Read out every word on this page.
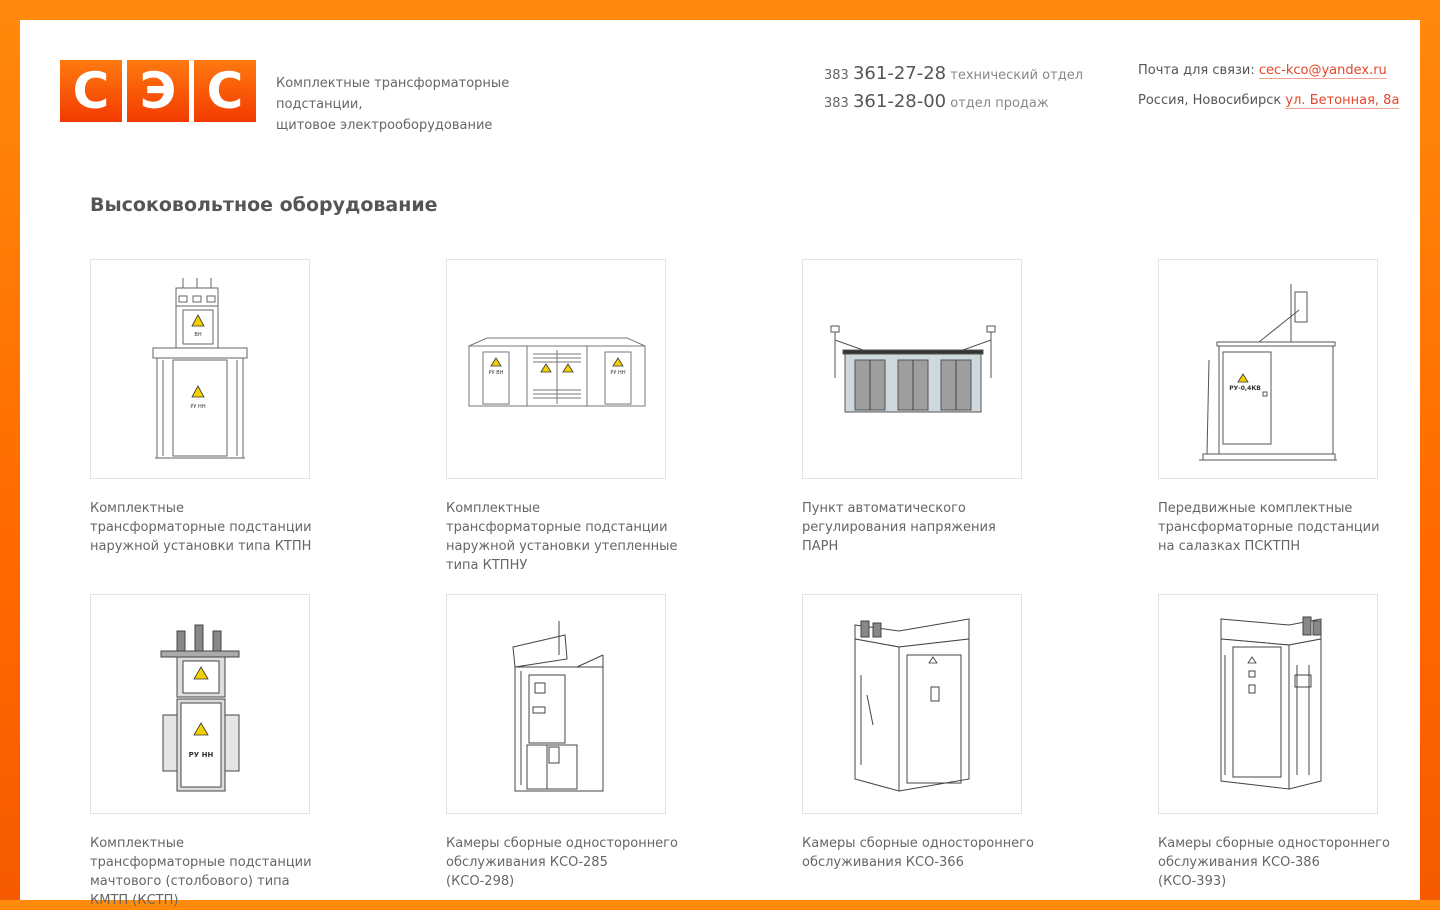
С Э С	Комплектные трансформаторные подстанции,
щитовое электрооборудование
383 361-27-28 технический отдел
383 361-28-00 отдел продаж
Почта для связи: cec-kco@yandex.ru
Россия, Новосибирск ул. Бетонная, 8а
Высоковольтное оборудование
ВН
РУ НН
Комплектные трансформаторные подстанции наружной установки типа КТПН
РУ ВН	РУ НН
Комплектные трансформаторные подстанции наружной установки утепленные типа КТПНУ
Пункт автоматического регулирования напряжения ПАРН
РУ-0,4КВ
Передвижные комплектные трансформаторные подстанции на салазках ПСКТПН
РУ НН
Комплектные трансформаторные подстанции мачтового (столбового) типа КМТП (КСТП)
Камеры сборные одностороннего обслуживания КСО-285 (КСО-298)
Камеры сборные одностороннего обслуживания КСО-366
Камеры сборные одностороннего обслуживания КСО-386 (КСО-393)
